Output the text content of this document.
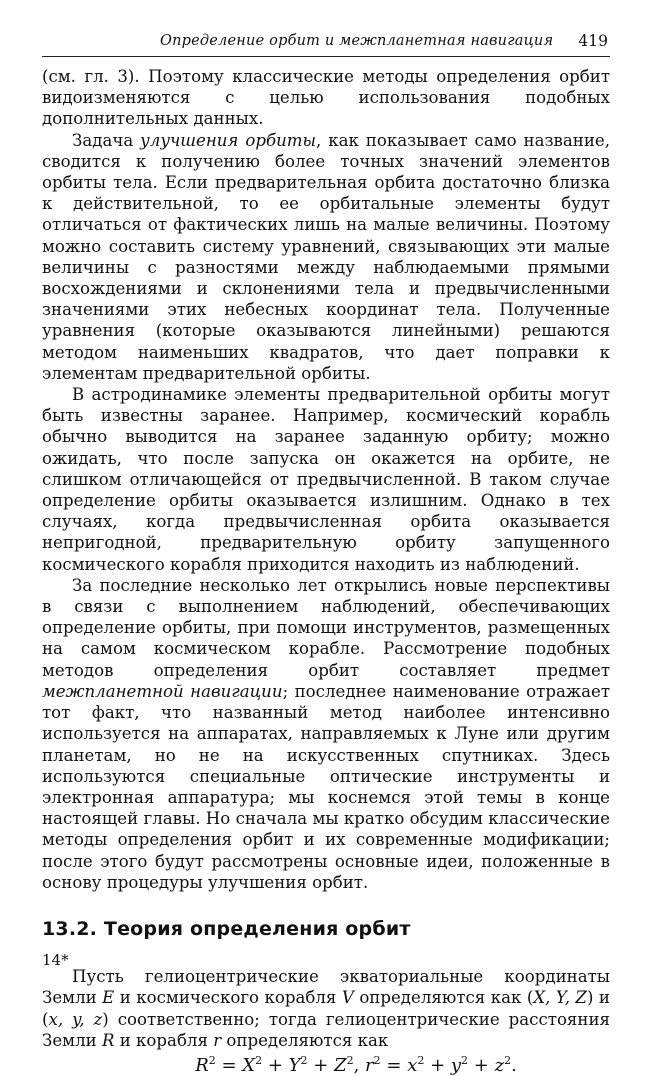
Определение орбит и межпланетная навигация 419

(см. гл. 3). Поэтому классические методы определения орбит видоизменяются с целью использования подобных дополнительных данных.

Задача улучшения орбиты, как показывает само название, сводится к получению более точных значений элементов орбиты тела. Если предварительная орбита достаточно близка к действительной, то ее орбитальные элементы будут отличаться от фактических лишь на малые величины. Поэтому можно составить систему уравнений, связывающих эти малые величины с разностями между наблюдаемыми прямыми восхождениями и склонениями тела и предвычисленными значениями этих небесных координат тела. Полученные уравнения (которые оказываются линейными) решаются методом наименьших квадратов, что дает поправки к элементам предварительной орбиты.

В астродинамике элементы предварительной орбиты могут быть известны заранее. Например, космический корабль обычно выводится на заранее заданную орбиту; можно ожидать, что после запуска он окажется на орбите, не слишком отличающейся от предвычисленной. В таком случае определение орбиты оказывается излишним. Однако в тех случаях, когда предвычисленная орбита оказывается непригодной, предварительную орбиту запущенного космического корабля приходится находить из наблюдений.

За последние несколько лет открылись новые перспективы в связи с выполнением наблюдений, обеспечивающих определение орбиты, при помощи инструментов, размещенных на самом космическом корабле. Рассмотрение подобных методов определения орбит составляет предмет межпланетной навигации; последнее наименование отражает тот факт, что названный метод наиболее интенсивно используется на аппаратах, направляемых к Луне или другим планетам, но не на искусственных спутниках. Здесь используются специальные оптические инструменты и электронная аппаратура; мы коснемся этой темы в конце настоящей главы. Но сначала мы кратко обсудим классические методы определения орбит и их современные модификации; после этого будут рассмотрены основные идеи, положенные в основу процедуры улучшения орбит.

13.2. Теория определения орбит

Пусть гелиоцентрические экваториальные координаты Земли E и космического корабля V определяются как (X, Y, Z) и (x, y, z) соответственно; тогда гелиоцентрические расстояния Земли R и корабля r определяются как

$R^2 = X^2 + Y^2 + Z^2$, $r^2 = x^2 + y^2 + z^2$.
14*
